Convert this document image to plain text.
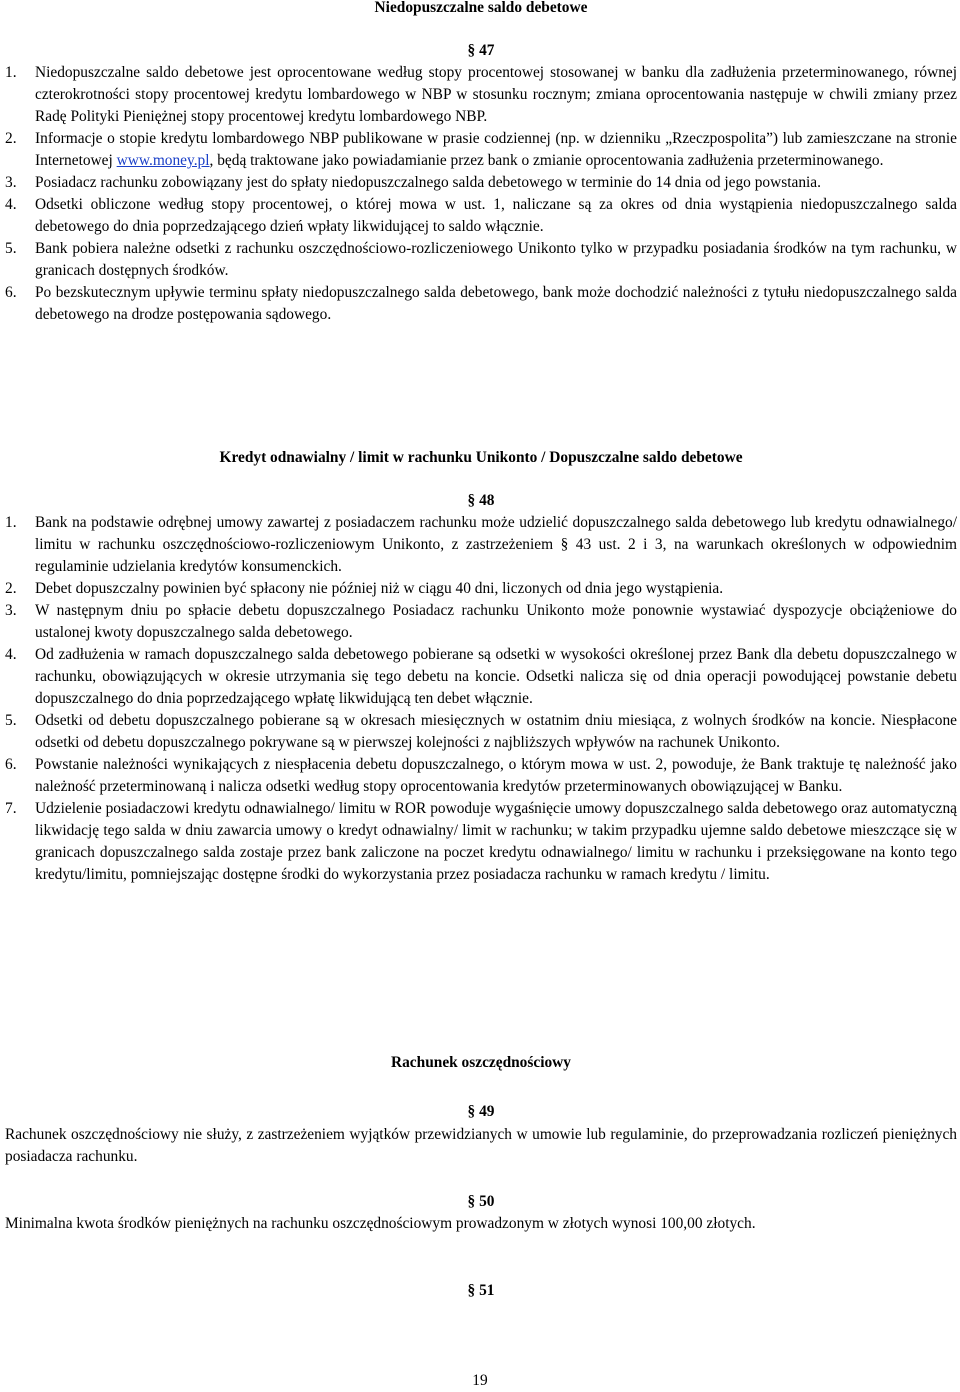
Niedopuszczalne saldo debetowe
§ 47
1.	Niedopuszczalne saldo debetowe jest oprocentowane według stopy procentowej stosowanej w banku dla zadłużenia przeterminowanego, równej czterokrotności stopy procentowej kredytu lombardowego w NBP w stosunku rocznym; zmiana oprocentowania następuje w chwili zmiany przez Radę Polityki Pieniężnej stopy procentowej kredytu lombardowego NBP.
2.	Informacje o stopie kredytu lombardowego NBP publikowane w prasie codziennej (np. w dzienniku „Rzeczpospolita”) lub zamieszczane na stronie Internetowej www.money.pl, będą traktowane jako powiadamianie przez bank o zmianie oprocentowania zadłużenia przeterminowanego.
3.	Posiadacz rachunku zobowiązany jest do spłaty niedopuszczalnego salda debetowego w terminie do 14 dnia od jego powstania.
4.	Odsetki obliczone według stopy procentowej, o której mowa w ust. 1, naliczane są za okres od dnia wystąpienia niedopuszczalnego salda debetowego do dnia poprzedzającego dzień wpłaty likwidującej to saldo włącznie.
5.	Bank pobiera należne odsetki z rachunku oszczędnościowo-rozliczeniowego Unikonto tylko w przypadku posiadania środków na tym rachunku, w granicach dostępnych środków.
6.	Po bezskutecznym upływie terminu spłaty niedopuszczalnego salda debetowego, bank może dochodzić należności z tytułu niedopuszczalnego salda debetowego na drodze postępowania sądowego.
Kredyt odnawialny / limit w rachunku Unikonto / Dopuszczalne saldo debetowe
§ 48
1.	Bank na podstawie odrębnej umowy zawartej z posiadaczem rachunku może udzielić dopuszczalnego salda debetowego lub kredytu odnawialnego/ limitu w rachunku oszczędnościowo-rozliczeniowym Unikonto, z zastrzeżeniem § 43 ust. 2 i 3, na warunkach określonych w odpowiednim regulaminie udzielania kredytów konsumenckich.
2.	Debet dopuszczalny powinien być spłacony nie później niż w ciągu 40 dni, liczonych od dnia jego wystąpienia.
3.	W następnym dniu po spłacie debetu dopuszczalnego Posiadacz rachunku Unikonto może ponownie wystawiać dyspozycje obciążeniowe do ustalonej kwoty dopuszczalnego salda debetowego.
4.	Od zadłużenia w ramach dopuszczalnego salda debetowego pobierane są odsetki w wysokości określonej przez Bank dla debetu dopuszczalnego w rachunku, obowiązujących w okresie utrzymania się tego debetu na koncie. Odsetki nalicza się od dnia operacji powodującej powstanie debetu dopuszczalnego do dnia poprzedzającego wpłatę likwidującą ten debet włącznie.
5.	Odsetki od debetu dopuszczalnego pobierane są w okresach miesięcznych w ostatnim dniu miesiąca, z wolnych środków na koncie. Niespłacone odsetki od debetu dopuszczalnego pokrywane są w pierwszej kolejności z najbliższych wpływów na rachunek Unikonto.
6.	Powstanie należności wynikających z niespłacenia debetu dopuszczalnego, o którym mowa w ust. 2, powoduje, że Bank traktuje tę należność jako należność przeterminowaną i nalicza odsetki według stopy oprocentowania kredytów przeterminowanych obowiązującej w Banku.
7.	Udzielenie posiadaczowi kredytu odnawialnego/ limitu w ROR powoduje wygaśnięcie umowy dopuszczalnego salda debetowego oraz automatyczną likwidację tego salda w dniu zawarcia umowy o kredyt odnawialny/ limit w rachunku; w takim przypadku ujemne saldo debetowe mieszczące się w granicach dopuszczalnego salda zostaje przez bank zaliczone na poczet kredytu odnawialnego/ limitu w rachunku i przeksięgowane na konto tego kredytu/limitu, pomniejszając dostępne środki do wykorzystania przez posiadacza rachunku w ramach kredytu / limitu.
Rachunek oszczędnościowy
§ 49
Rachunek oszczędnościowy nie służy, z zastrzeżeniem wyjątków przewidzianych w umowie lub regulaminie, do przeprowadzania rozliczeń pieniężnych posiadacza rachunku.
§ 50
Minimalna kwota środków pieniężnych na rachunku oszczędnościowym prowadzonym w złotych wynosi 100,00 złotych.
§ 51
19
